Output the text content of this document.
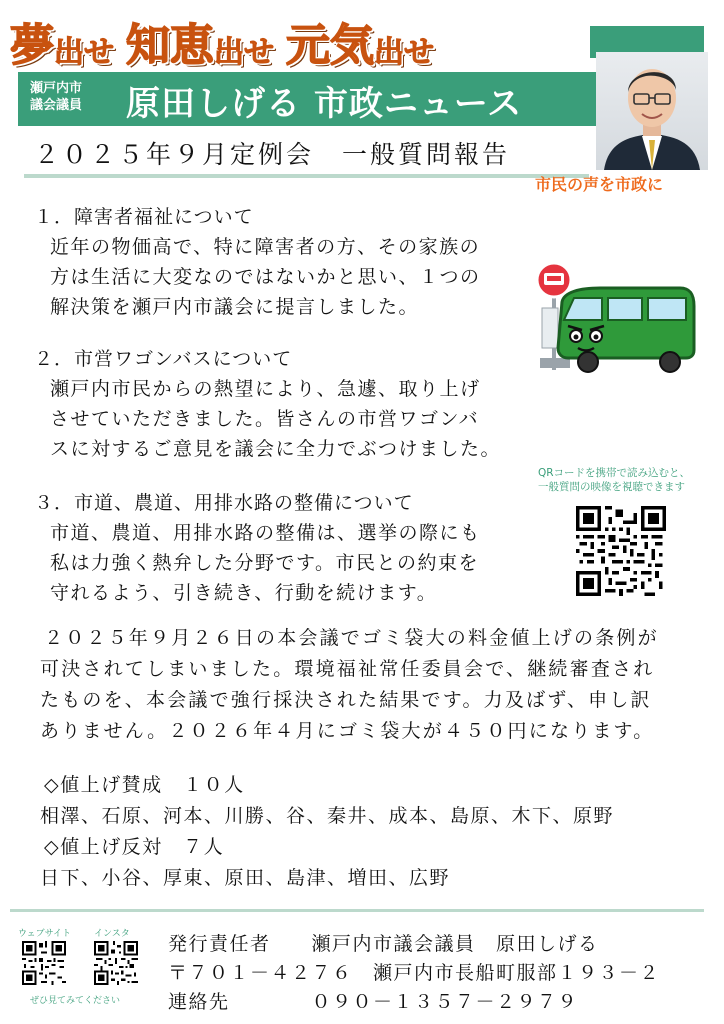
夢 出せ 知恵 出せ 元気 出せ
瀬戸内市
議会議員 原田しげる 市政ニュース
２０２５年９月定例会　一般質問報告
市民の声を市政に
１．障害者福祉について
近年の物価高で、特に障害者の方、その家族の
方は生活に大変なのではないかと思い、１つの
解決策を瀬戸内市議会に提言しました。
２．市営ワゴンバスについて
瀬戸内市民からの熱望により、急遽、取り上げ
させていただきました。皆さんの市営ワゴンバ
スに対するご意見を議会に全力でぶつけました。
QRコードを携帯で読み込むと、
一般質問の映像を視聴できます
３．市道、農道、用排水路の整備について
市道、農道、用排水路の整備は、選挙の際にも
私は力強く熱弁した分野です。市民との約束を
守れるよう、引き続き、行動を続けます。
２０２５年９月２６日の本会議でゴミ袋大の料金値上げの条例が
可決されてしまいました。環境福祉常任委員会で、継続審査され
たものを、本会議で強行採決された結果です。力及ばず、申し訳
ありません。２０２６年４月にゴミ袋大が４５０円になります。
◇値上げ賛成　１０人
相澤、石原、河本、川勝、谷、秦井、成本、島原、木下、原野
◇値上げ反対　７人
日下、小谷、厚東、原田、島津、増田、広野
ウェブサイト	インスタ
ぜひ見てみてください
発行責任者　　瀬戸内市議会議員　原田しげる
〒７０１－４２７６　瀬戸内市長船町服部１９３－２
連絡先　　　　０９０－１３５７－２９７９
